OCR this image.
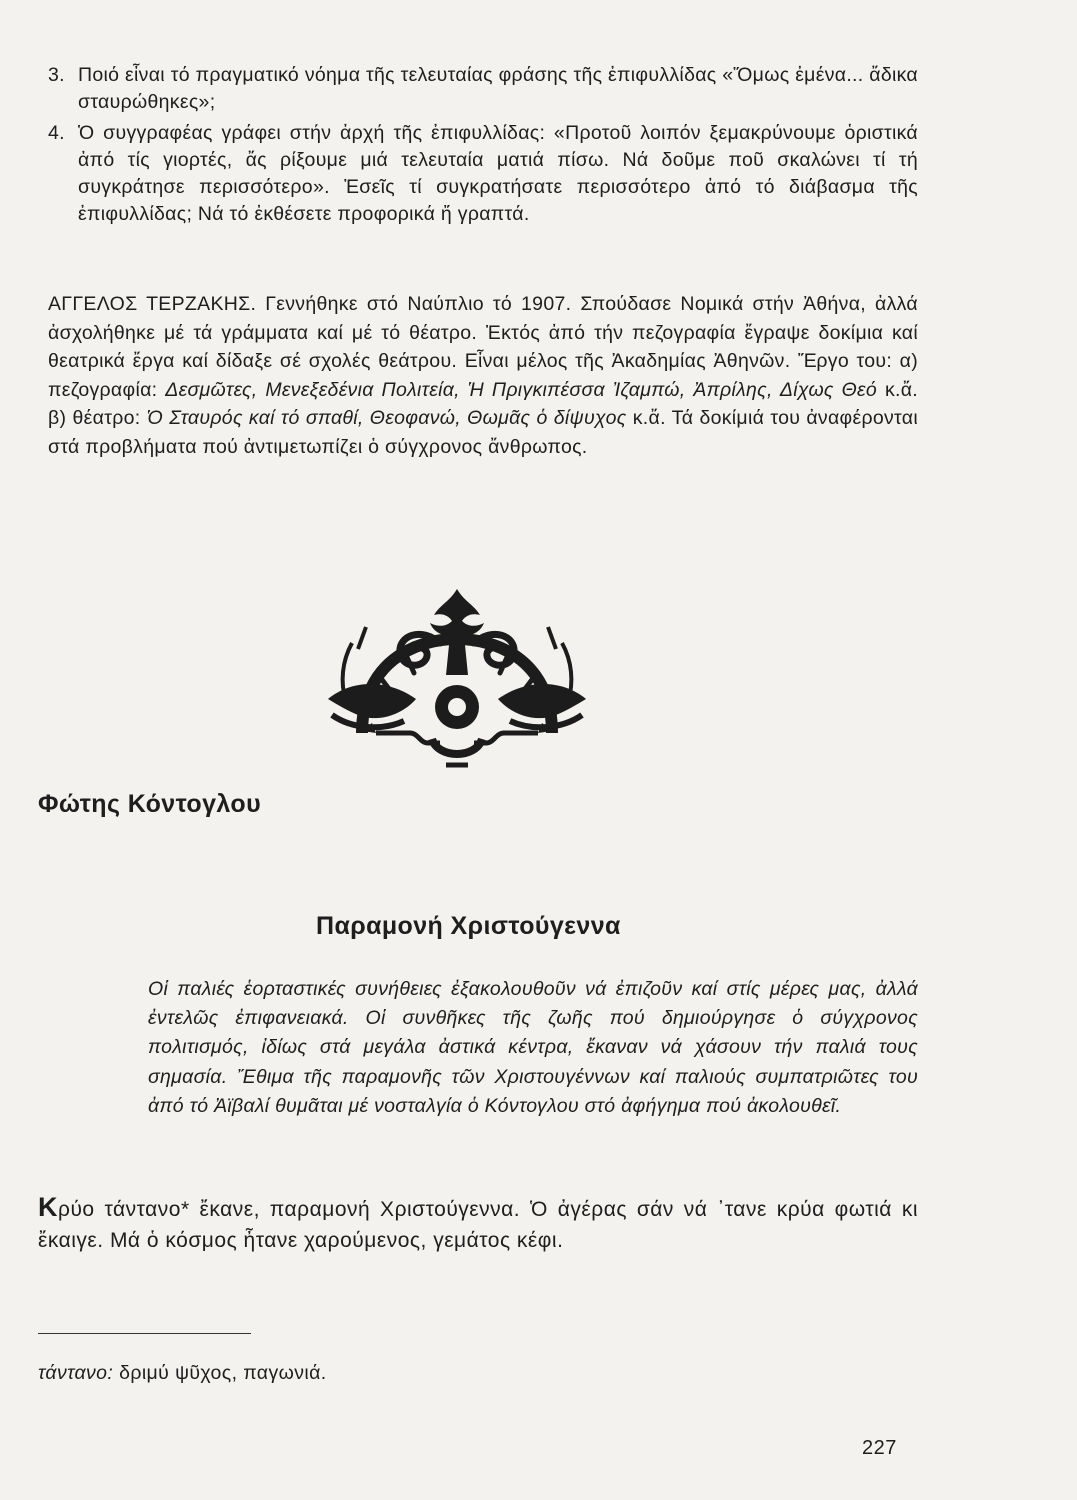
3. Ποιό εἶναι τό πραγματικό νόημα τῆς τελευταίας φράσης τῆς ἐπιφυλλίδας «Ὅμως ἐμένα... ἄδικα σταυρώθηκες»;
4. Ὁ συγγραφέας γράφει στήν ἀρχή τῆς ἐπιφυλλίδας: «Προτοῦ λοιπόν ξεμακρύνουμε ὁριστικά ἀπό τίς γιορτές, ἄς ρίξουμε μιά τελευταία ματιά πίσω. Νά δοῦμε ποῦ σκαλώνει τί τή συγκράτησε περισσότερο». Ἐσεῖς τί συγκρατήσατε περισσότερο ἀπό τό διάβασμα τῆς ἐπιφυλλίδας; Νά τό ἐκθέσετε προφορικά ἤ γραπτά.
ΑΓΓΕΛΟΣ ΤΕΡΖΑΚΗΣ. Γεννήθηκε στό Ναύπλιο τό 1907. Σπούδασε Νομικά στήν Ἀθήνα, ἀλλά ἀσχολήθηκε μέ τά γράμματα καί μέ τό θέατρο. Ἐκτός ἀπό τήν πεζογραφία ἔγραψε δοκίμια καί θεατρικά ἔργα καί δίδαξε σέ σχολές θεάτρου. Εἶναι μέλος τῆς Ἀκαδημίας Ἀθηνῶν. Ἔργο του: α) πεζογραφία: Δεσμῶτες, Μενεξεδένια Πολιτεία, Ἡ Πριγκιπέσσα Ἰζαμπώ, Ἀπρίλης, Δίχως Θεό κ.ἄ. β) θέατρο: Ὁ Σταυρός καί τό σπαθί, Θεοφανώ, Θωμᾶς ὁ δίψυχος κ.ἄ. Τά δοκίμιά του ἀναφέρονται στά προβλήματα πού ἀντιμετωπίζει ὁ σύγχρονος ἄνθρωπος.
Φώτης Κόντογλου
Παραμονή Χριστούγεννα
Οἱ παλιές ἑορταστικές συνήθειες ἐξακολουθοῦν νά ἐπιζοῦν καί στίς μέρες μας, ἀλλά ἐντελῶς ἐπιφανειακά. Οἱ συνθῆκες τῆς ζωῆς πού δημιούργησε ὁ σύγχρονος πολιτισμός, ἰδίως στά μεγάλα ἀστικά κέντρα, ἔκαναν νά χάσουν τήν παλιά τους σημασία. Ἔθιμα τῆς παραμονῆς τῶν Χριστουγέννων καί παλιούς συμπατριῶτες του ἀπό τό Ἀϊβαλί θυμᾶται μέ νοσταλγία ὁ Κόντογλου στό ἀφήγημα πού ἀκολουθεῖ.
Κρύο τάντανο* ἔκανε, παραμονή Χριστούγεννα. Ὁ ἀγέρας σάν νά ᾽τανε κρύα φωτιά κι ἔκαιγε. Μά ὁ κόσμος ἦτανε χαρούμενος, γεμάτος κέφι.
τάντανο: δριμύ ψῦχος, παγωνιά.
227
